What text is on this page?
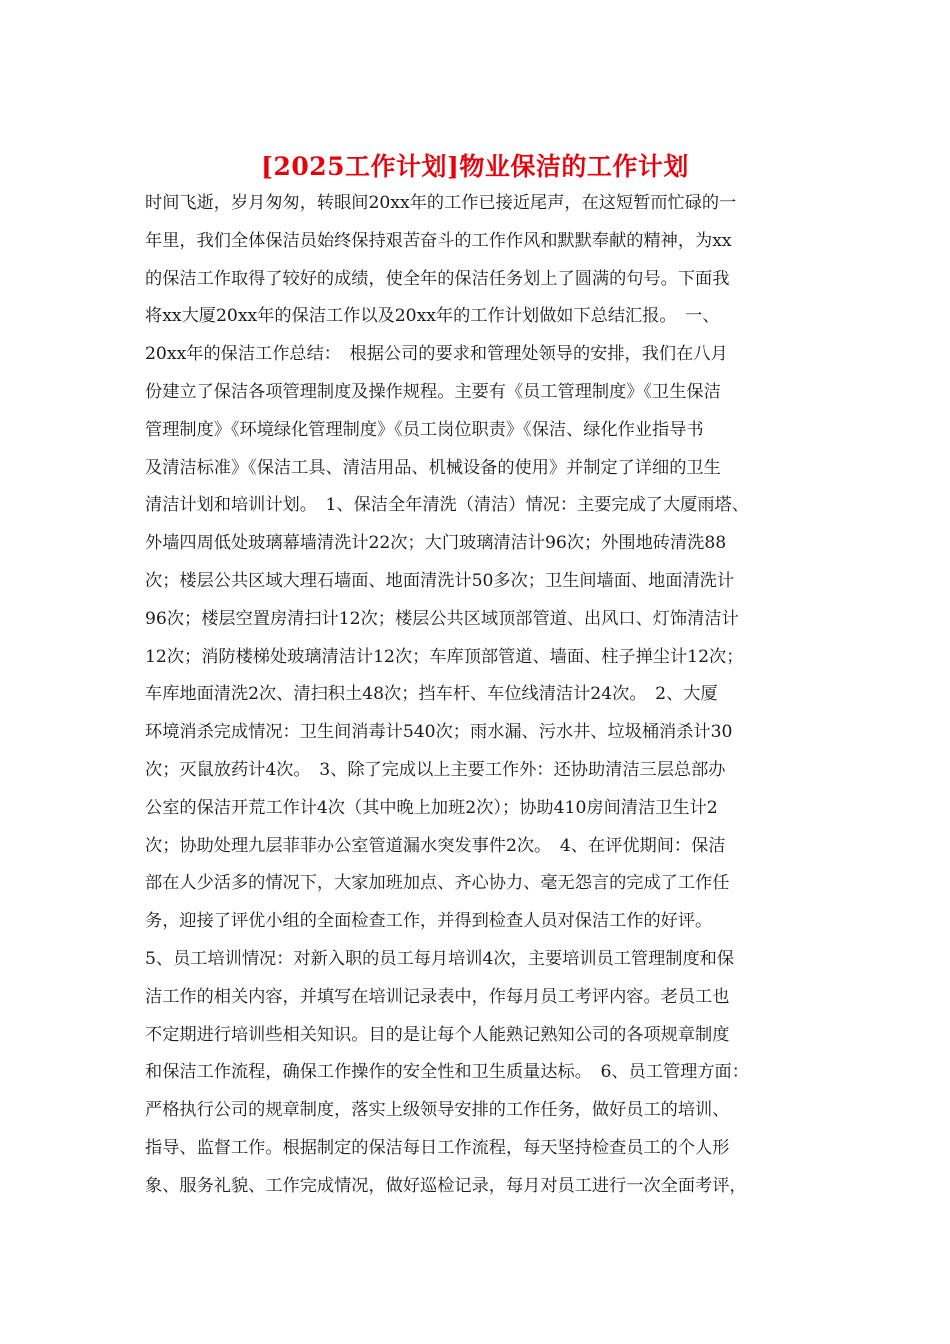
[2025工作计划]物业保洁的工作计划
时间飞逝，岁月匆匆，转眼间20xx年的工作已接近尾声，在这短暂而忙碌的一
年里，我们全体保洁员始终保持艰苦奋斗的工作作风和默默奉献的精神，为xx
的保洁工作取得了较好的成绩，使全年的保洁任务划上了圆满的句号。下面我
将xx大厦20xx年的保洁工作以及20xx年的工作计划做如下总结汇报。　一、
20xx年的保洁工作总结：　根据公司的要求和管理处领导的安排，我们在八月
份建立了保洁各项管理制度及操作规程。主要有《员工管理制度》《卫生保洁
管理制度》《环境绿化管理制度》《员工岗位职责》《保洁、绿化作业指导书
及清洁标准》《保洁工具、清洁用品、机械设备的使用》并制定了详细的卫生
清洁计划和培训计划。　1、保洁全年清洗（清洁）情况：主要完成了大厦雨塔、
外墙四周低处玻璃幕墙清洗计22次；大门玻璃清洁计96次；外围地砖清洗88
次；楼层公共区域大理石墙面、地面清洗计50多次；卫生间墙面、地面清洗计
96次；楼层空置房清扫计12次；楼层公共区域顶部管道、出风口、灯饰清洁计
12次；消防楼梯处玻璃清洁计12次；车库顶部管道、墙面、柱子掸尘计12次；
车库地面清洗2次、清扫积土48次；挡车杆、车位线清洁计24次。　2、大厦
环境消杀完成情况：卫生间消毒计540次；雨水漏、污水井、垃圾桶消杀计30
次；灭鼠放药计4次。　3、除了完成以上主要工作外：还协助清洁三层总部办
公室的保洁开荒工作计4次（其中晚上加班2次）；协助410房间清洁卫生计2
次；协助处理九层菲菲办公室管道漏水突发事件2次。　4、在评优期间：保洁
部在人少活多的情况下，大家加班加点、齐心协力、毫无怨言的完成了工作任
务，迎接了评优小组的全面检查工作，并得到检查人员对保洁工作的好评。
5、员工培训情况：对新入职的员工每月培训4次，主要培训员工管理制度和保
洁工作的相关内容，并填写在培训记录表中，作每月员工考评内容。老员工也
不定期进行培训些相关知识。目的是让每个人能熟记熟知公司的各项规章制度
和保洁工作流程，确保工作操作的安全性和卫生质量达标。　6、员工管理方面：
严格执行公司的规章制度，落实上级领导安排的工作任务，做好员工的培训、
指导、监督工作。根据制定的保洁每日工作流程，每天坚持检查员工的个人形
象、服务礼貌、工作完成情况，做好巡检记录，每月对员工进行一次全面考评，
